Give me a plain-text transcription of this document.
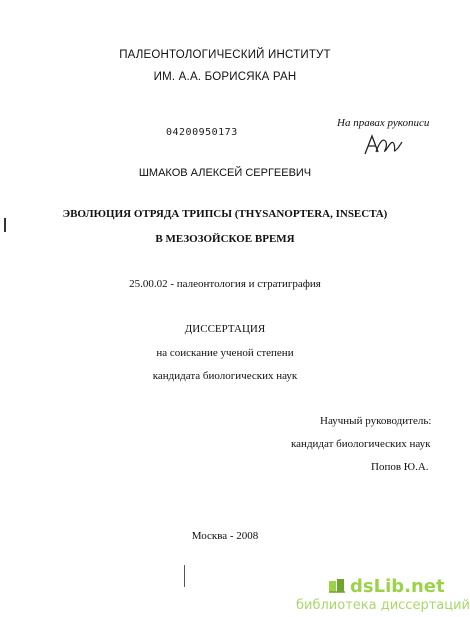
ПАЛЕОНТОЛОГИЧЕСКИЙ ИНСТИТУТ
ИМ. А.А. БОРИСЯКА РАН
04200950173
На правах рукописи
ШМАКОВ АЛЕКСЕЙ СЕРГЕЕВИЧ
ЭВОЛЮЦИЯ ОТРЯДА ТРИПСЫ (THYSANOPTERA, INSECTA)
В МЕЗОЗОЙСКОЕ ВРЕМЯ
25.00.02 - палеонтология и стратиграфия
ДИССЕРТАЦИЯ
на соискание ученой степени
кандидата биологических наук
Научный руководитель:
кандидат биологических наук
Попов Ю.А.
Москва - 2008
dsLib.net
библиотека диссертаций
